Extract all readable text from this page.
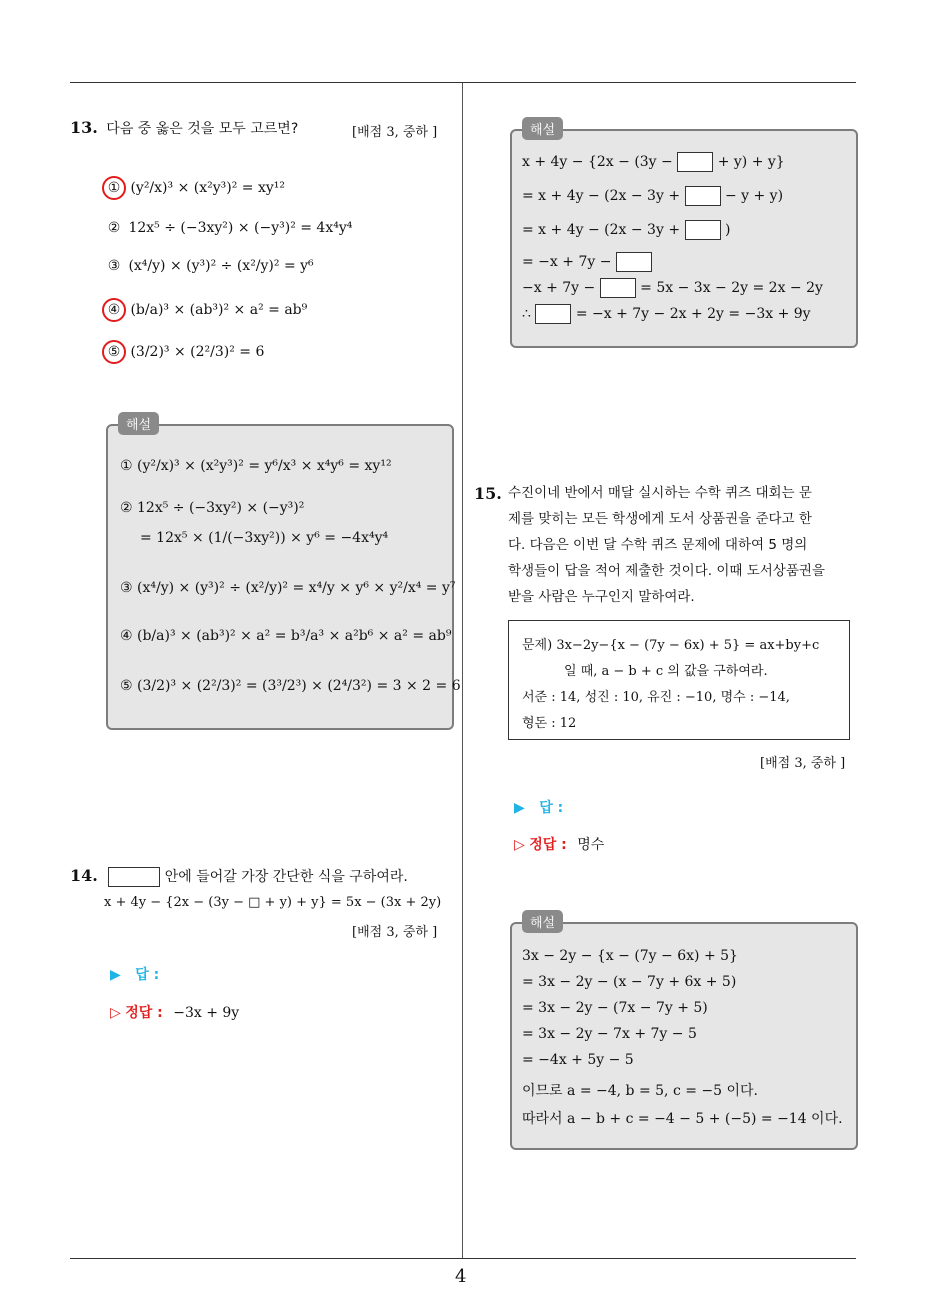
4
13. 다음 중 옳은 것을 모두 고르면?	[배점 3, 중하 ]
① (y²/x)³ × (x²y³)² = xy¹²
② 12x⁵ ÷ (−3xy²) × (−y³)² = 4x⁴y⁴
③ (x⁴/y) × (y³)² ÷ (x²/y)² = y⁶
④ (b/a)³ × (ab³)² × a² = ab⁹
⑤ (3/2)³ × (2²/3)² = 6
해설
① (y²/x)³ × (x²y³)² = y⁶/x³ × x⁴y⁶ = xy¹²
② 12x⁵ ÷ (−3xy²) × (−y³)²
= 12x⁵ × (1/(−3xy²)) × y⁶ = −4x⁴y⁴
③ (x⁴/y) × (y³)² ÷ (x²/y)² = x⁴/y × y⁶ × y²/x⁴ = y⁷
④ (b/a)³ × (ab³)² × a² = b³/a³ × a²b⁶ × a² = ab⁹
⑤ (3/2)³ × (2²/3)² = (3³/2³) × (2⁴/3²) = 3 × 2 = 6
14.	안에 들어갈 가장 간단한 식을 구하여라.
x + 4y − {2x − (3y − □ + y) + y} = 5x − (3x + 2y)
[배점 3, 중하 ]
▶ 답 :
▷ 정답 : −3x + 9y
해설
x + 4y − {2x − (3y −	+ y) + y}
= x + 4y − (2x − 3y +	− y + y)
= x + 4y − (2x − 3y +	)
= −x + 7y −
−x + 7y −	= 5x − 3x − 2y = 2x − 2y
∴	= −x + 7y − 2x + 2y = −3x + 9y
15. 수진이네 반에서 매달 실시하는 수학 퀴즈 대회는 문
제를 맞히는 모든 학생에게 도서 상품권을 준다고 한
다. 다음은 이번 달 수학 퀴즈 문제에 대하여 5 명의
학생들이 답을 적어 제출한 것이다. 이때 도서상품권을
받을 사람은 누구인지 말하여라.
문제) 3x−2y−{x − (7y − 6x) + 5} = ax+by+c
일 때, a − b + c 의 값을 구하여라.
서준 : 14, 성진 : 10, 유진 : −10, 명수 : −14,
형돈 : 12
[배점 3, 중하 ]
▶ 답 :
▷ 정답 : 명수
해설
3x − 2y − {x − (7y − 6x) + 5}
= 3x − 2y − (x − 7y + 6x + 5)
= 3x − 2y − (7x − 7y + 5)
= 3x − 2y − 7x + 7y − 5
= −4x + 5y − 5
이므로 a = −4, b = 5, c = −5 이다.
따라서 a − b + c = −4 − 5 + (−5) = −14 이다.
